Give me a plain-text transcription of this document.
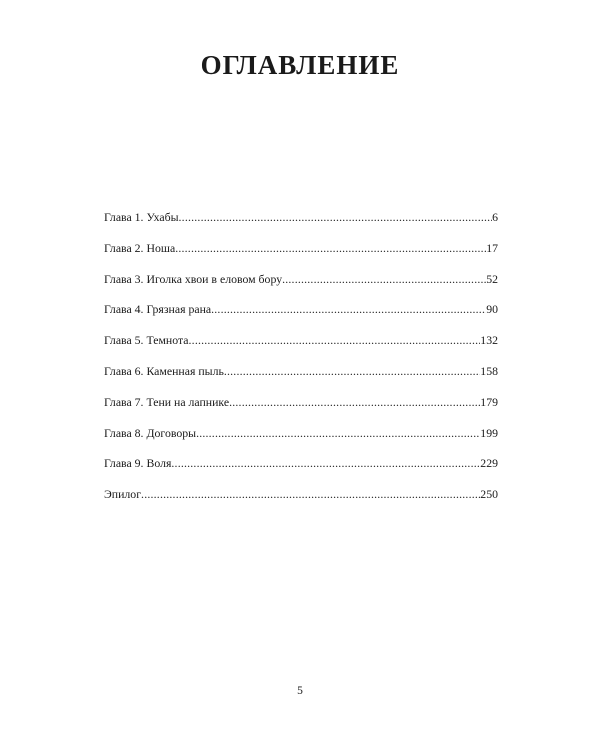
ОГЛАВЛЕНИЕ
Глава 1. Ухабы .....	6
Глава 2. Ноша .....	17
Глава 3. Иголка хвои в еловом бору .....	52
Глава 4. Грязная рана .....	90
Глава 5. Темнота .....	132
Глава 6. Каменная пыль .....	158
Глава 7. Тени на лапнике .....	179
Глава 8. Договоры .....	199
Глава 9. Воля .....	229
Эпилог .....	250
5
